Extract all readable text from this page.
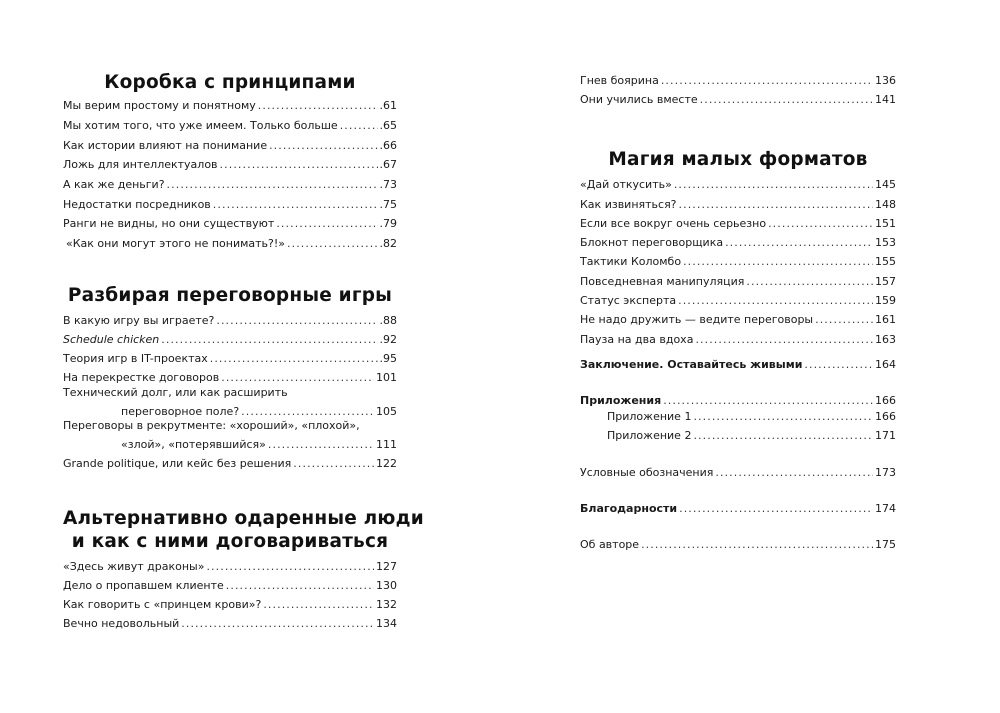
Коробка с принципами
Мы верим простому и понятному . . .	.61
Мы хотим того, что уже имеем. Только больше . . .	.65
Как истории влияют на понимание . . .	.66
Ложь для интеллектуалов . . .	.67
А как же деньги? . . .	.73
Недостатки посредников . . .	.75
Ранги не видны, но они существуют . . .	.79
«Как они могут этого не понимать?!» . . .	.82
Разбирая переговорные игры
В какую игру вы играете? . . .	.88
Schedule chicken . . .	.92
Теория игр в IT-проектах . . .	.95
На перекрестке договоров . . .	101
Технический долг, или как расширить
переговорное поле? . . .	105
Переговоры в рекрутменте: «хороший», «плохой»,
«злой», «потерявшийся» . . .	111
Grande politique, или кейс без решения . . .	122
Альтернативно одаренные люди
и как с ними договариваться
«Здесь живут драконы» . . .	127
Дело о пропавшем клиенте . . .	130
Как говорить с «принцем крови»? . . .	132
Вечно недовольный . . .	134
Гнев боярина . . .	136
Они учились вместе . . .	141
Магия малых форматов
«Дай откусить» . . .	145
Как извиняться? . . .	148
Если все вокруг очень серьезно . . .	151
Блокнот переговорщика . . .	153
Тактики Коломбо . . .	155
Повседневная манипуляция . . .	157
Статус эксперта . . .	159
Не надо дружить — ведите переговоры . . .	161
Пауза на два вдоха . . .	163
Заключение. Оставайтесь живыми . . .	164
Приложения . . .	166
Приложение 1 . . .	166
Приложение 2 . . .	171
Условные обозначения . . .	173
Благодарности . . .	174
Об авторе . . .	175
